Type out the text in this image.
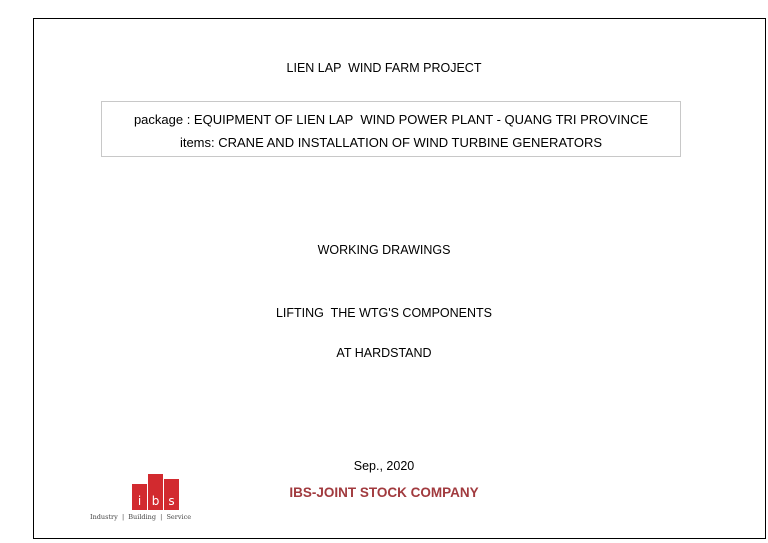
LIEN LAP  WIND FARM PROJECT
package : EQUIPMENT OF LIEN LAP  WIND POWER PLANT - QUANG TRI PROVINCE
items: CRANE AND INSTALLATION OF WIND TURBINE GENERATORS
WORKING DRAWINGS
LIFTING  THE WTG'S COMPONENTS
AT HARDSTAND
Sep., 2020
IBS-JOINT STOCK COMPANY
i b s
Industry  |  Building  |  Service
